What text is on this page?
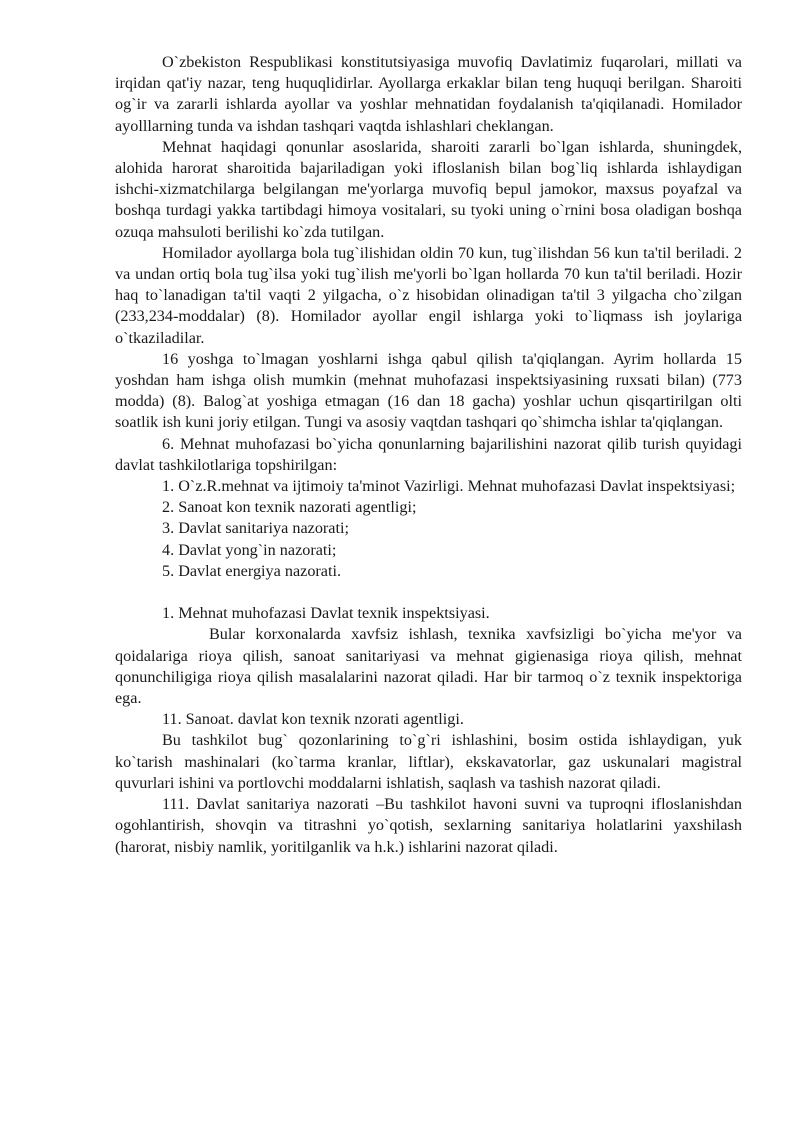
O`zbekiston Respublikasi konstitutsiyasiga muvofiq Davlatimiz fuqarolari, millati va irqidan qat'iy nazar, teng huquqlidirlar. Ayollarga erkaklar bilan teng huquqi berilgan. Sharoiti og`ir va zararli ishlarda ayollar va yoshlar mehnatidan foydalanish ta'qiqilanadi. Homilador ayolllarning tunda va ishdan tashqari vaqtda ishlashlari cheklangan.

Mehnat haqidagi qonunlar asoslarida, sharoiti zararli bo`lgan ishlarda, shuningdek, alohida harorat sharoitida bajariladigan yoki ifloslanish bilan bog`liq ishlarda ishlaydigan ishchi-xizmatchilarga belgilangan me'yorlarga muvofiq bepul jamokor, maxsus poyafzal va boshqa turdagi yakka tartibdagi himoya vositalari, su tyoki uning o`rnini bosa oladigan boshqa ozuqa mahsuloti berilishi ko`zda tutilgan.

Homilador ayollarga bola tug`ilishidan oldin 70 kun, tug`ilishdan 56 kun ta'til beriladi. 2 va undan ortiq bola tug`ilsa yoki tug`ilish me'yorli bo`lgan hollarda 70 kun ta'til beriladi. Hozir haq to`lanadigan ta'til vaqti 2 yilgacha, o`z hisobidan olinadigan ta'til 3 yilgacha cho`zilgan (233,234-moddalar) (8). Homilador ayollar engil ishlarga yoki to`liqmass ish joylariga o`tkaziladilar.

16 yoshga to`lmagan yoshlarni ishga qabul qilish ta'qiqlangan. Ayrim hollarda 15 yoshdan ham ishga olish mumkin (mehnat muhofazasi inspektsiyasining ruxsati bilan) (773 modda) (8). Balog`at yoshiga etmagan (16 dan 18 gacha) yoshlar uchun qisqartirilgan olti soatlik ish kuni joriy etilgan. Tungi va asosiy vaqtdan tashqari qo`shimcha ishlar ta'qiqlangan.

6. Mehnat muhofazasi bo`yicha qonunlarning bajarilishini nazorat qilib turish quyidagi davlat tashkilotlariga topshirilgan:

1. O`z.R.mehnat va ijtimoiy ta'minot Vazirligi. Mehnat muhofazasi Davlat inspektsiyasi;

2. Sanoat kon texnik nazorati agentligi;

3. Davlat sanitariya nazorati;

4. Davlat yong`in nazorati;

5. Davlat energiya nazorati.

1. Mehnat muhofazasi Davlat texnik inspektsiyasi.

Bular korxonalarda xavfsiz ishlash, texnika xavfsizligi bo`yicha me'yor va qoidalariga rioya qilish, sanoat sanitariyasi va mehnat gigienasiga rioya qilish, mehnat qonunchiligiga rioya qilish masalalarini nazorat qiladi. Har bir tarmoq o`z texnik inspektoriga ega.

11. Sanoat. davlat kon texnik nzorati agentligi.

Bu tashkilot bug` qozonlarining to`g`ri ishlashini, bosim ostida ishlaydigan, yuk ko`tarish mashinalari (ko`tarma kranlar, liftlar), ekskavatorlar, gaz uskunalari magistral quvurlari ishini va portlovchi moddalarni ishlatish, saqlash va tashish nazorat qiladi.

111. Davlat sanitariya nazorati –Bu tashkilot havoni suvni va tuproqni ifloslanishdan ogohlantirish, shovqin va titrashni yo`qotish, sexlarning sanitariya holatlarini yaxshilash (harorat, nisbiy namlik, yoritilganlik va h.k.) ishlarini nazorat qiladi.
